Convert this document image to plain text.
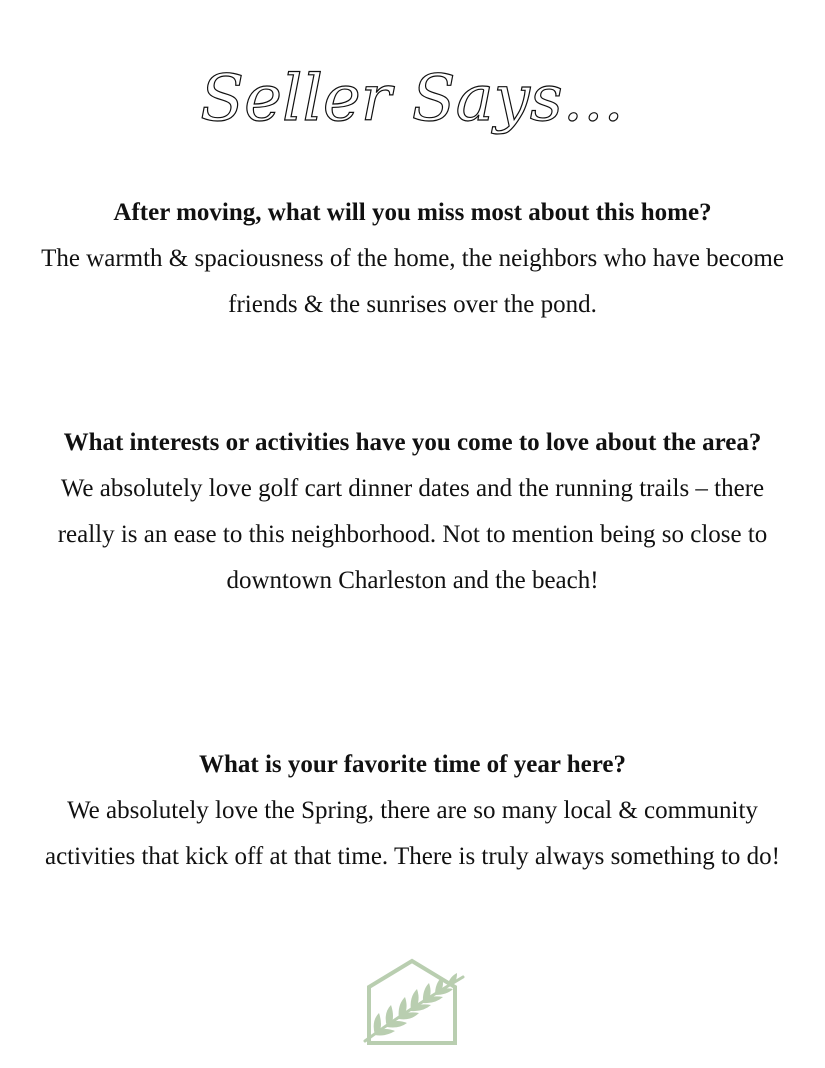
Seller Says...

After moving, what will you miss most about this home?

The warmth & spaciousness of the home, the neighbors who have become friends & the sunrises over the pond.

What interests or activities have you come to love about the area?

We absolutely love golf cart dinner dates and the running trails – there really is an ease to this neighborhood. Not to mention being so close to downtown Charleston and the beach!

What is your favorite time of year here?

We absolutely love the Spring, there are so many local & community activities that kick off at that time. There is truly always something to do!
